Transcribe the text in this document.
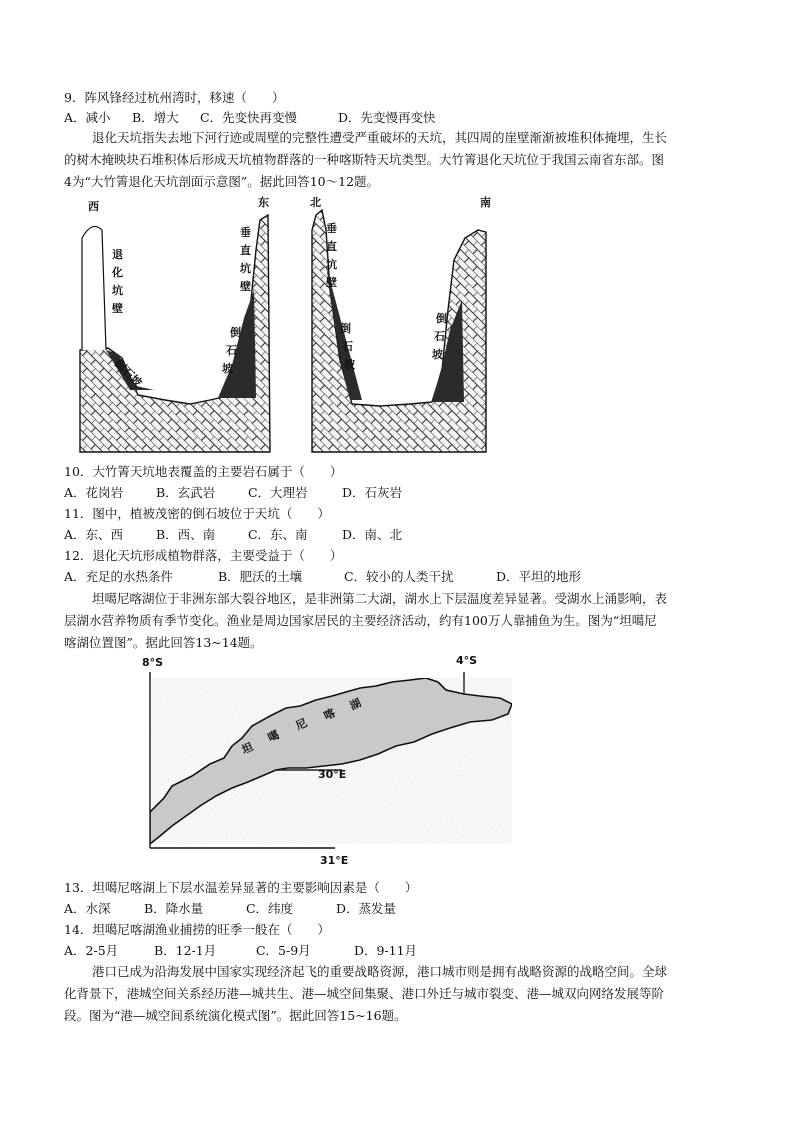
9．阵风锋经过杭州湾时，移速（　　）
A．减小 B．增大 C．先变快再变慢	D．先变慢再变快
退化天坑指失去地下河行迹或周壁的完整性遭受严重破坏的天坑，其四周的崖壁渐渐被堆积体掩埋，生长
的树木掩映块石堆积体后形成天坑植物群落的一种喀斯特天坑类型。大竹箐退化天坑位于我国云南省东部。图
4为“大竹箐退化天坑剖面示意图”。据此回答10～12题。
西	东	北	南
退
化
坑
壁
倒石坡
垂
直
坑
壁
倒
石
坡
垂
直
坑
壁
倒
石
坡
倒
石
坡
10．大竹箐天坑地表覆盖的主要岩石属于（　　）
A．花岗岩	B．玄武岩	C．大理岩	D．石灰岩
11．图中，植被茂密的倒石坡位于天坑（　　）
A．东、西	B．西、南	C．东、南	D．南、北
12．退化天坑形成植物群落，主要受益于（　　）
A．充足的水热条件	B．肥沃的土壤	C．较小的人类干扰	D．平坦的地形
坦噶尼喀湖位于非洲东部大裂谷地区，是非洲第二大湖，湖水上下层温度差异显著。受湖水上涌影响，表
层湖水营养物质有季节变化。渔业是周边国家居民的主要经济活动，约有100万人靠捕鱼为生。图为“坦噶尼
喀湖位置图”。据此回答13~14题。
8°S	4°S
30°E
31°E
坦
噶
尼
喀
湖
13．坦噶尼喀湖上下层水温差异显著的主要影响因素是（　　）
A．水深	B．降水量	C．纬度	D．蒸发量
14．坦噶尼喀湖渔业捕捞的旺季一般在（　　）
A．2-5月	B．12-1月	C．5-9月	D．9-11月
港口已成为沿海发展中国家实现经济起飞的重要战略资源，港口城市则是拥有战略资源的战略空间。全球
化背景下，港城空间关系经历港—城共生、港—城空间集聚、港口外迁与城市裂变、港—城双向网络发展等阶
段。图为“港—城空间系统演化模式图”。据此回答15~16题。
